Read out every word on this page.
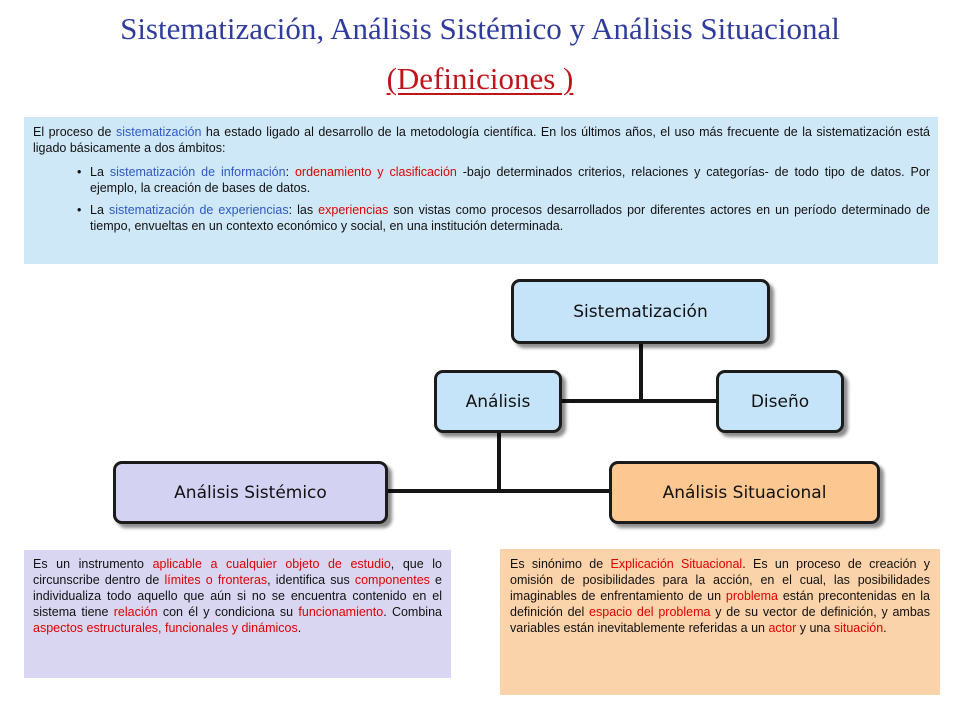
Sistematización, Análisis Sistémico y Análisis Situacional
(Definiciones )
El proceso de sistematización ha estado ligado al desarrollo de la metodología científica. En los últimos años, el uso más frecuente de la sistematización está ligado básicamente a dos ámbitos:
• La sistematización de información: ordenamiento y clasificación -bajo determinados criterios, relaciones y categorías- de todo tipo de datos. Por ejemplo, la creación de bases de datos.
• La sistematización de experiencias: las experiencias son vistas como procesos desarrollados por diferentes actores en un período determinado de tiempo, envueltas en un contexto económico y social, en una institución determinada.
Sistematización
Análisis	Diseño
Análisis Sistémico	Análisis Situacional
Es un instrumento aplicable a cualquier objeto de estudio, que lo circunscribe dentro de límites o fronteras, identifica sus componentes e individualiza todo aquello que aún si no se encuentra contenido en el sistema tiene relación con él y condiciona su funcionamiento. Combina aspectos estructurales, funcionales y dinámicos.
Es sinónimo de Explicación Situacional. Es un proceso de creación y omisión de posibilidades para la acción, en el cual, las posibilidades imaginables de enfrentamiento de un problema están precontenidas en la definición del espacio del problema y de su vector de definición, y ambas variables están inevitablemente referidas a un actor y una situación.
